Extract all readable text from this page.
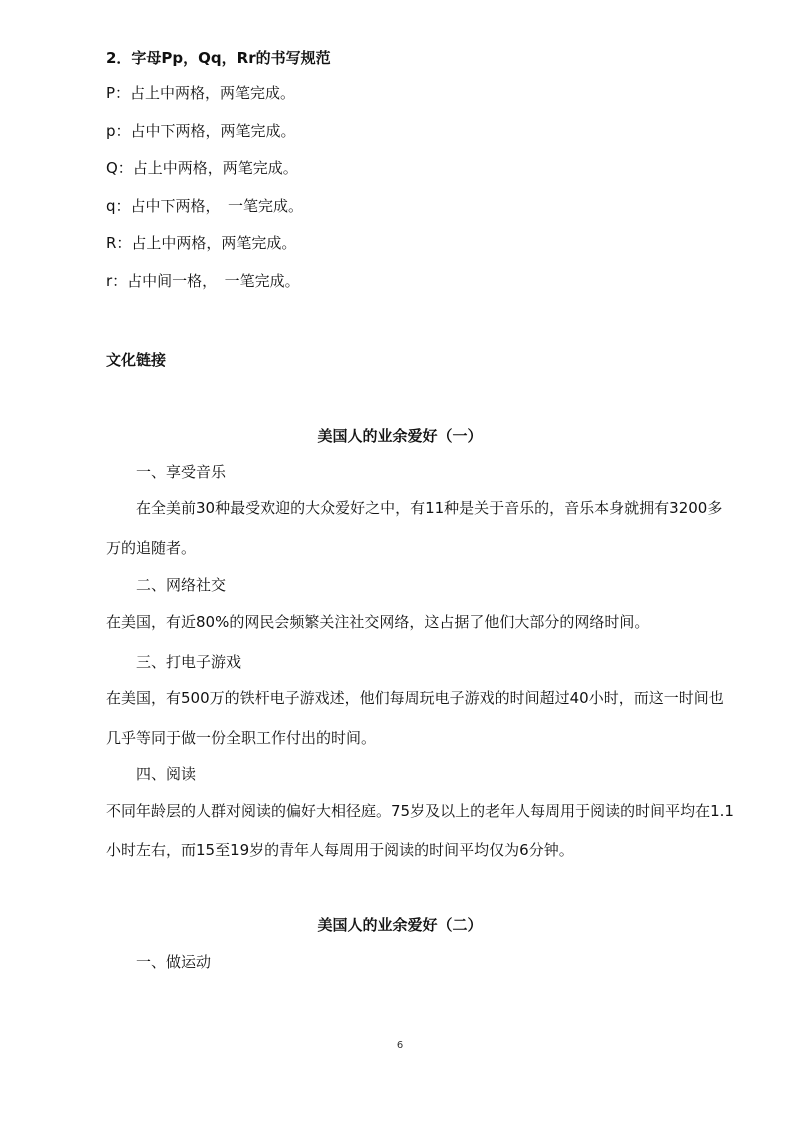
2．字母Pp，Qq，Rr的书写规范
P：占上中两格，两笔完成。
p：占中下两格，两笔完成。
Q：占上中两格，两笔完成。
q：占中下两格，　一笔完成。
R：占上中两格，两笔完成。
r：占中间一格，　一笔完成。
文化链接
美国人的业余爱好（一）
一、享受音乐
在全美前30种最受欢迎的大众爱好之中，有11种是关于音乐的，音乐本身就拥有3200多
万的追随者。
二、网络社交
在美国，有近80%的网民会频繁关注社交网络，这占据了他们大部分的网络时间。
三、打电子游戏
在美国，有500万的铁杆电子游戏述，他们每周玩电子游戏的时间超过40小时，而这一时间也
几乎等同于做一份全职工作付出的时间。
四、阅读
不同年龄层的人群对阅读的偏好大相径庭。75岁及以上的老年人每周用于阅读的时间平均在1.1
小时左右，而15至19岁的青年人每周用于阅读的时间平均仅为6分钟。
美国人的业余爱好（二）
一、做运动
6
